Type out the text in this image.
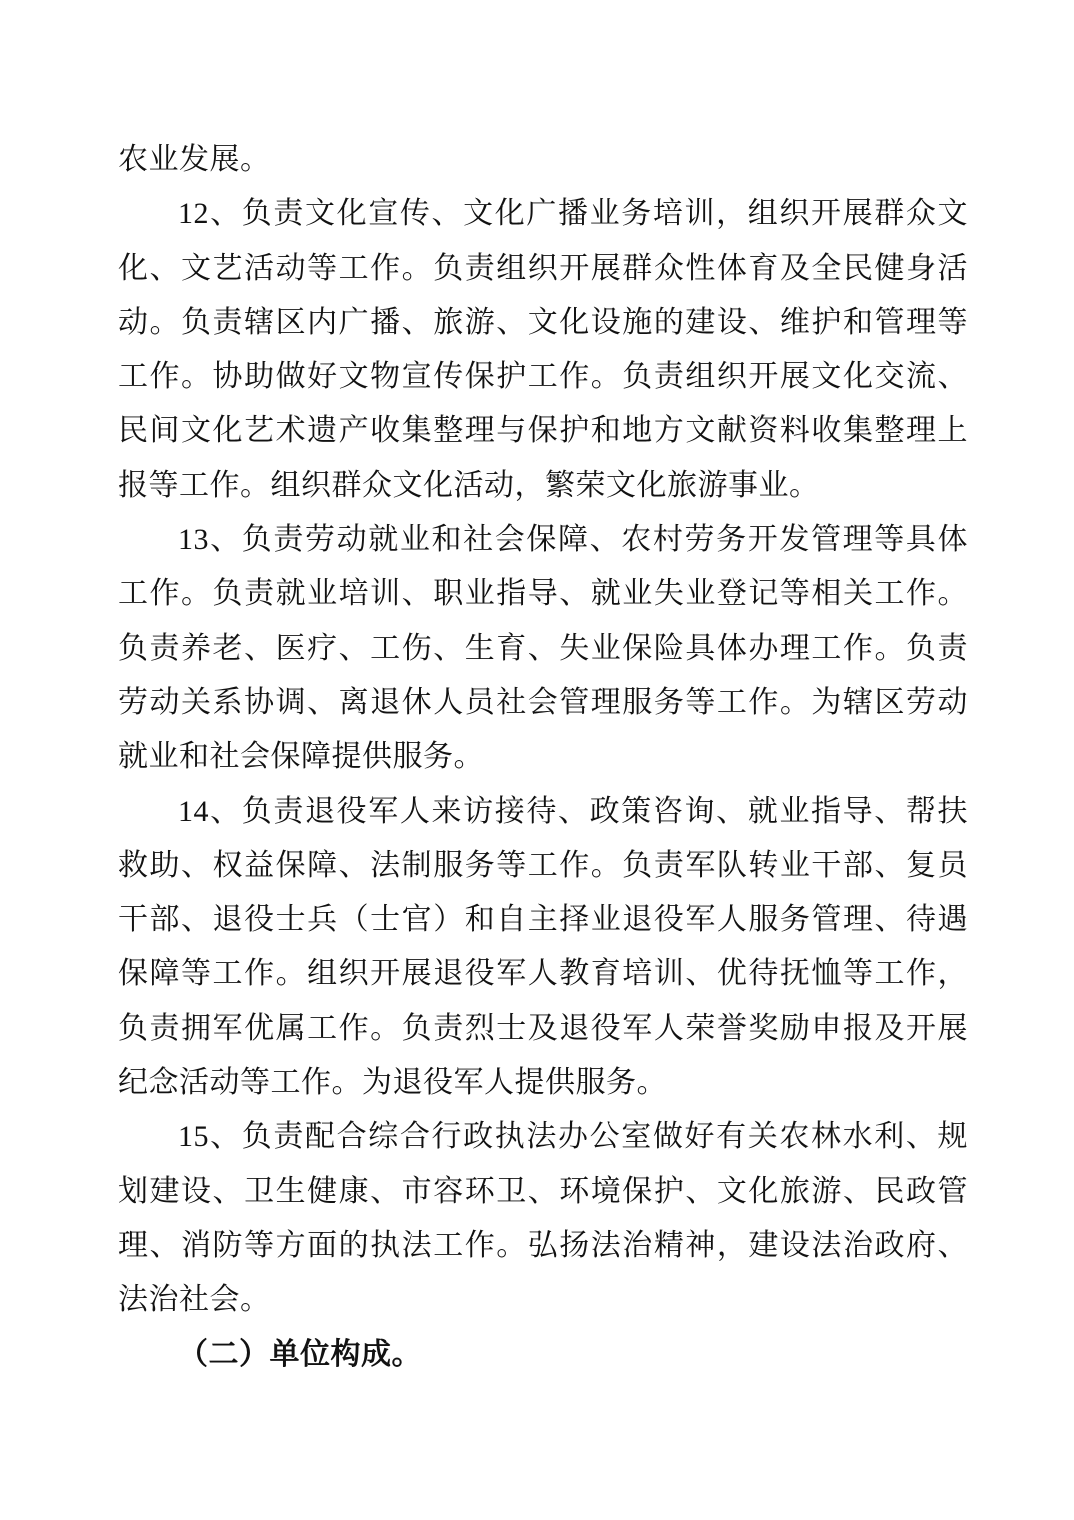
农业发展。

12、负责文化宣传、文化广播业务培训，组织开展群众文化、文艺活动等工作。负责组织开展群众性体育及全民健身活动。负责辖区内广播、旅游、文化设施的建设、维护和管理等工作。协助做好文物宣传保护工作。负责组织开展文化交流、民间文化艺术遗产收集整理与保护和地方文献资料收集整理上报等工作。组织群众文化活动，繁荣文化旅游事业。

13、负责劳动就业和社会保障、农村劳务开发管理等具体工作。负责就业培训、职业指导、就业失业登记等相关工作。负责养老、医疗、工伤、生育、失业保险具体办理工作。负责劳动关系协调、离退休人员社会管理服务等工作。为辖区劳动就业和社会保障提供服务。

14、负责退役军人来访接待、政策咨询、就业指导、帮扶救助、权益保障、法制服务等工作。负责军队转业干部、复员干部、退役士兵（士官）和自主择业退役军人服务管理、待遇保障等工作。组织开展退役军人教育培训、优待抚恤等工作，负责拥军优属工作。负责烈士及退役军人荣誉奖励申报及开展纪念活动等工作。为退役军人提供服务。

15、负责配合综合行政执法办公室做好有关农林水利、规划建设、卫生健康、市容环卫、环境保护、文化旅游、民政管理、消防等方面的执法工作。弘扬法治精神，建设法治政府、法治社会。

（二）单位构成。
